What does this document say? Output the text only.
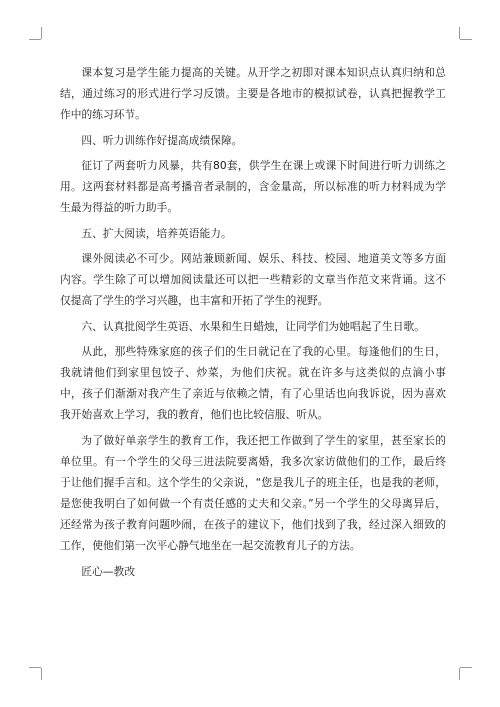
课本复习是学生能力提高的关键。从开学之初即对课本知识点认真归纳和总结，通过练习的形式进行学习反馈。主要是各地市的模拟试卷，认真把握教学工作中的练习环节。

四、听力训练作好提高成绩保障。

征订了两套听力风暴，共有80套，供学生在课上或课下时间进行听力训练之用。这两套材料都是高考播音者录制的，含金量高，所以标准的听力材料成为学生最为得益的听力助手。

五、扩大阅读，培养英语能力。

课外阅读必不可少。网站兼顾新闻、娱乐、科技、校园、地道美文等多方面内容。学生除了可以增加阅读量还可以把一些精彩的文章当作范文来背诵。这不仅提高了学生的学习兴趣，也丰富和开拓了学生的视野。

六、认真批阅学生英语、水果和生日蜡烛，让同学们为她唱起了生日歌。

从此，那些特殊家庭的孩子们的生日就记在了我的心里。每逢他们的生日，我就请他们到家里包饺子、炒菜，为他们庆祝。就在许多与这类似的点滴小事中，孩子们渐渐对我产生了亲近与依赖之情，有了心里话也向我诉说，因为喜欢我开始喜欢上学习，我的教育，他们也比较信服、听从。

为了做好单亲学生的教育工作，我还把工作做到了学生的家里，甚至家长的单位里。有一个学生的父母三进法院要离婚，我多次家访做他们的工作，最后终于让他们握手言和。这个学生的父亲说，“您是我儿子的班主任，也是我的老师，是您使我明白了如何做一个有责任感的丈夫和父亲。”另一个学生的父母离异后，还经常为孩子教育问题吵闹，在孩子的建议下，他们找到了我，经过深入细致的工作，使他们第一次平心静气地坐在一起交流教育儿子的方法。

匠心—教改
